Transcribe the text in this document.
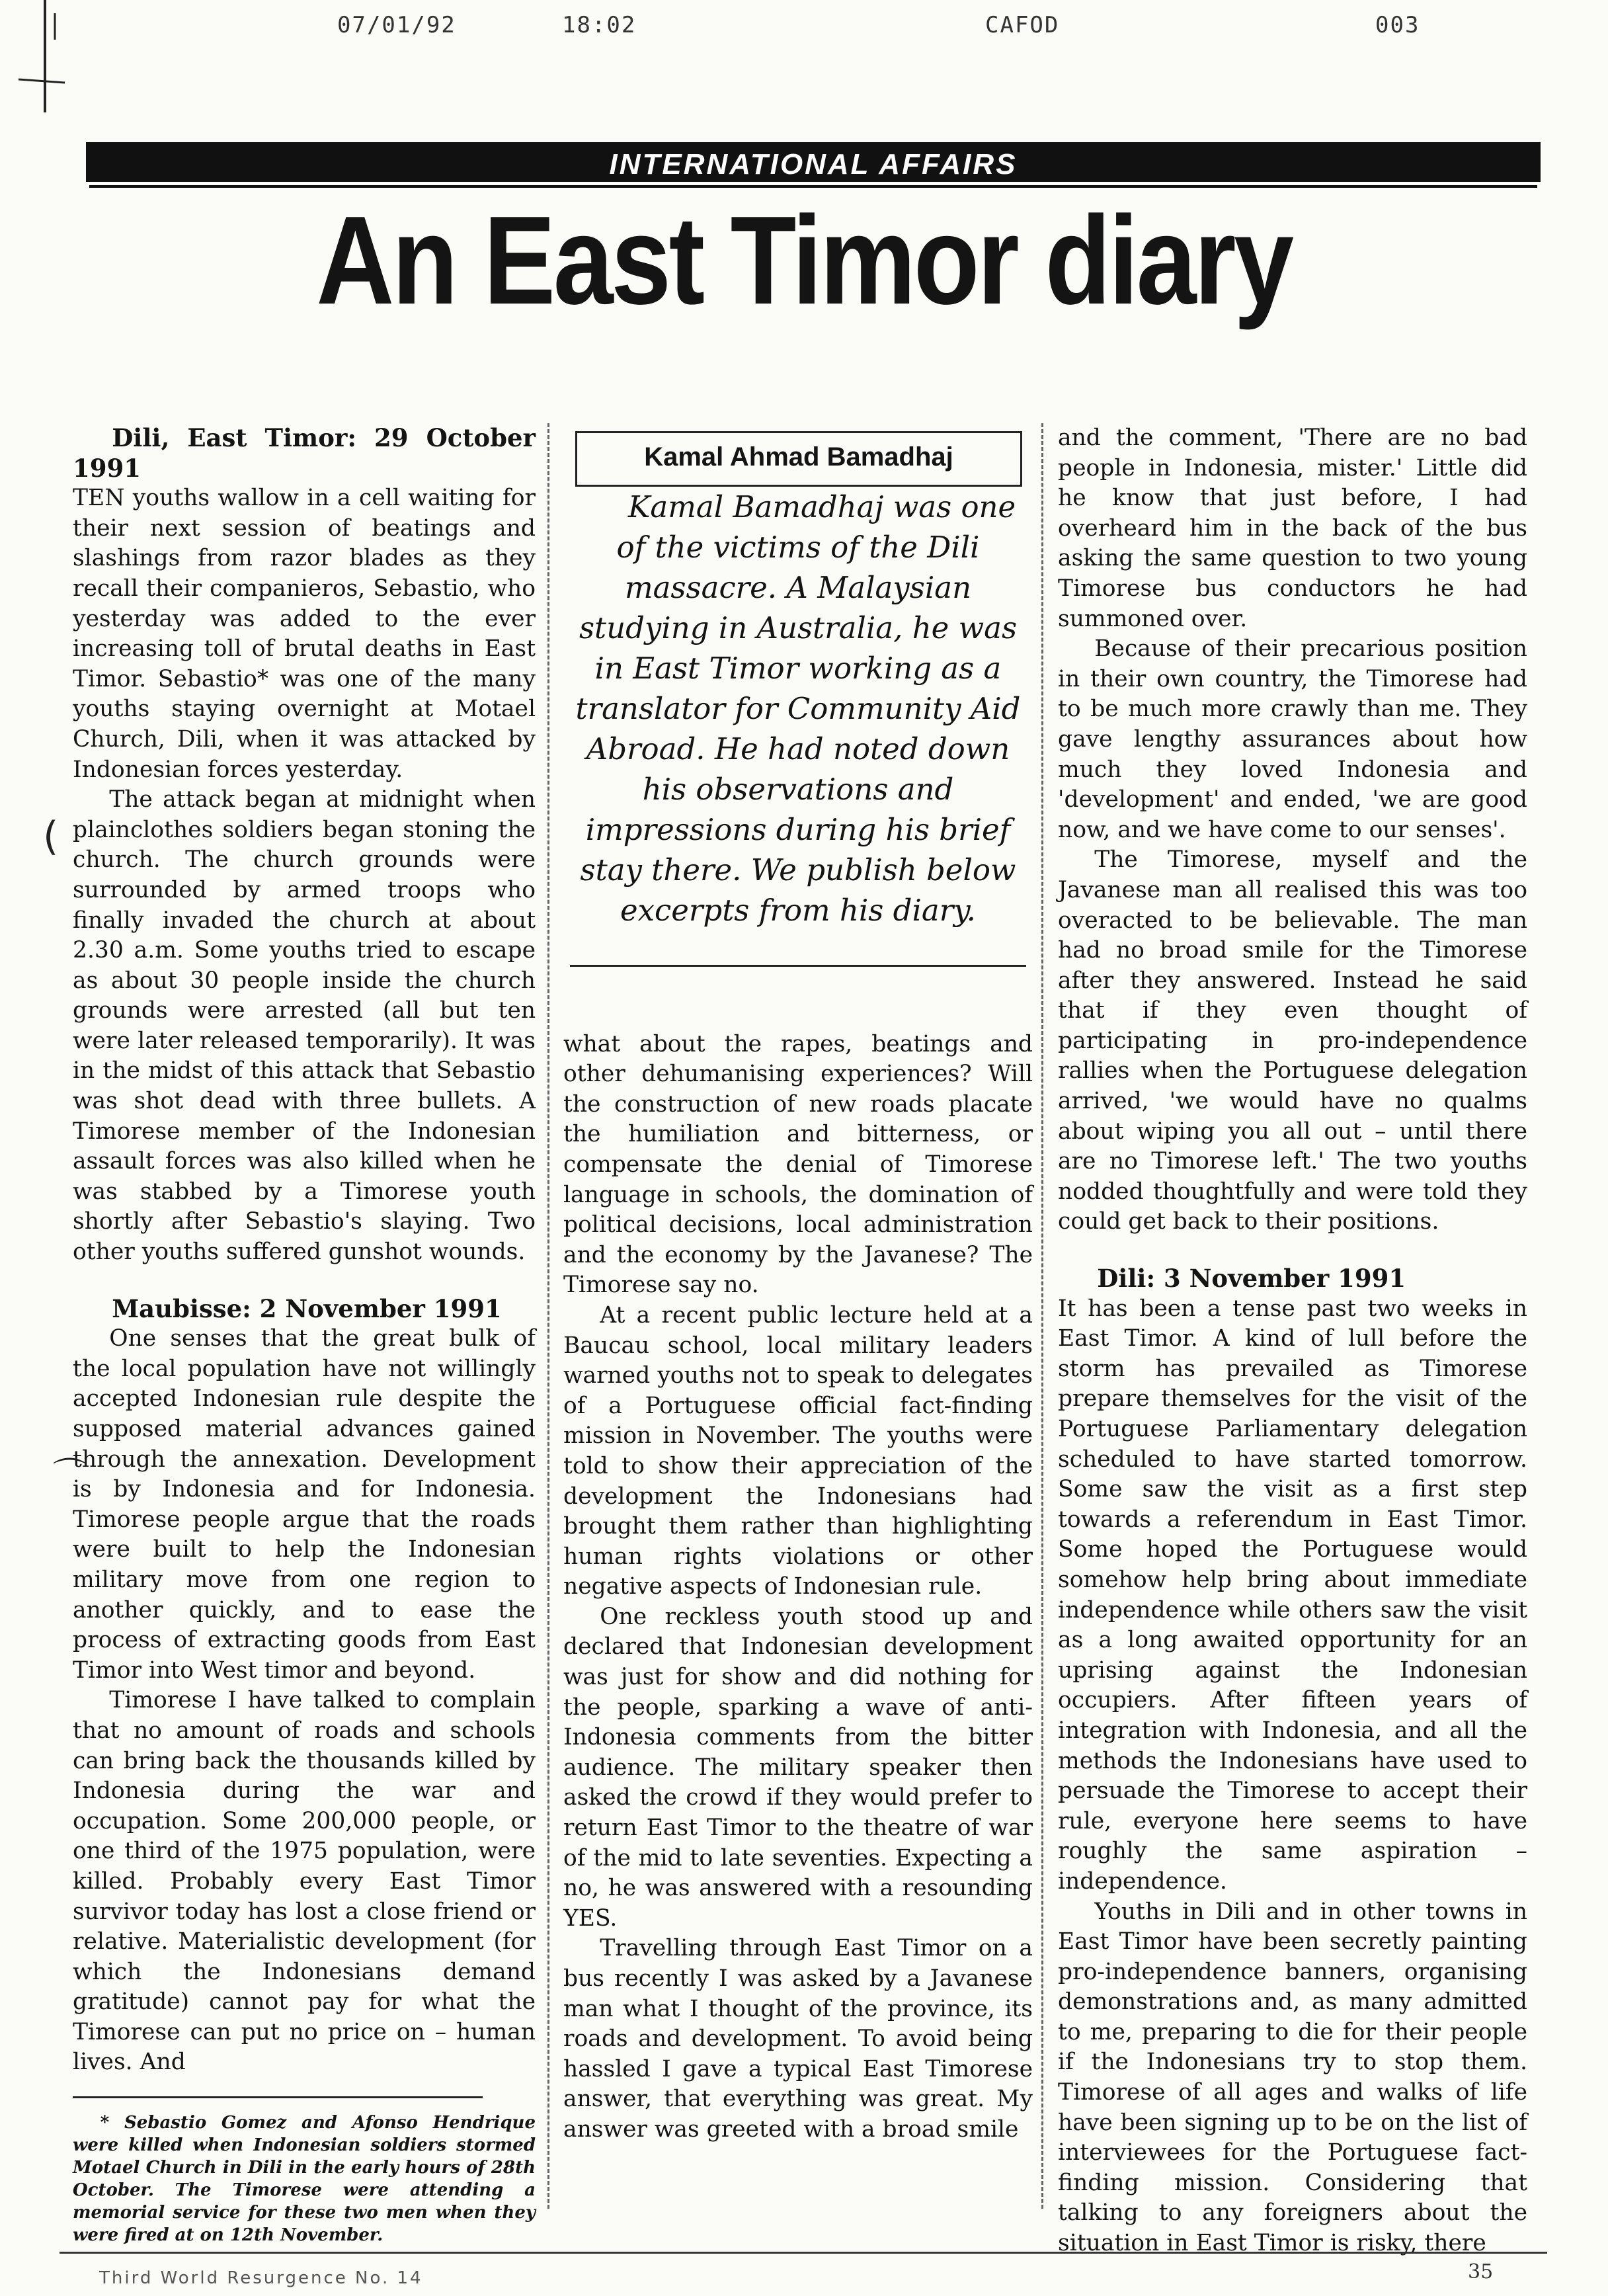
07/01/92	18:02	CAFOD	003
INTERNATIONAL AFFAIRS
An East Timor diary

Dili, East Timor: 29 October 1991

TEN youths wallow in a cell waiting for their next session of beatings and slashings from razor blades as they recall their companieros, Sebastio, who yesterday was added to the ever increasing toll of brutal deaths in East Timor. Sebastio* was one of the many youths staying overnight at Motael Church, Dili, when it was attacked by Indonesian forces yesterday.

The attack began at midnight when plainclothes soldiers began stoning the church. The church grounds were surrounded by armed troops who finally invaded the church at about 2.30 a.m. Some youths tried to escape as about 30 people inside the church grounds were arrested (all but ten were later released temporarily). It was in the midst of this attack that Sebastio was shot dead with three bullets. A Timorese member of the Indonesian assault forces was also killed when he was stabbed by a Timorese youth shortly after Sebastio's slaying. Two other youths suffered gunshot wounds.

Maubisse: 2 November 1991

One senses that the great bulk of the local population have not willingly accepted Indonesian rule despite the supposed material advances gained through the annexation. Development is by Indonesia and for Indonesia. Timorese people argue that the roads were built to help the Indonesian military move from one region to another quickly, and to ease the process of extracting goods from East Timor into West timor and beyond.

Timorese I have talked to complain that no amount of roads and schools can bring back the thousands killed by Indonesia during the war and occupation. Some 200,000 people, or one third of the 1975 population, were killed. Probably every East Timor survivor today has lost a close friend or relative. Materialistic development (for which the Indonesians demand gratitude) cannot pay for what the Timorese can put no price on – human lives. And

* Sebastio Gomez and Afonso Hendrique were killed when Indonesian soldiers stormed Motael Church in Dili in the early hours of 28th October. The Timorese were attending a memorial service for these two men when they were fired at on 12th November.

Kamal Ahmad Bamadhaj

Kamal Bamadhaj was one of the victims of the Dili massacre. A Malaysian studying in Australia, he was in East Timor working as a translator for Community Aid Abroad. He had noted down his observations and impressions during his brief stay there. We publish below excerpts from his diary.

what about the rapes, beatings and other dehumanising experiences? Will the construction of new roads placate the humiliation and bitterness, or compensate the denial of Timorese language in schools, the domination of political decisions, local administration and the economy by the Javanese? The Timorese say no.

At a recent public lecture held at a Baucau school, local military leaders warned youths not to speak to delegates of a Portuguese official fact-finding mission in November. The youths were told to show their appreciation of the development the Indonesians had brought them rather than highlighting human rights violations or other negative aspects of Indonesian rule.

One reckless youth stood up and declared that Indonesian development was just for show and did nothing for the people, sparking a wave of anti-Indonesia comments from the bitter audience. The military speaker then asked the crowd if they would prefer to return East Timor to the theatre of war of the mid to late seventies. Expecting a no, he was answered with a resounding YES.

Travelling through East Timor on a bus recently I was asked by a Javanese man what I thought of the province, its roads and development. To avoid being hassled I gave a typical East Timorese answer, that everything was great. My answer was greeted with a broad smile

and the comment, 'There are no bad people in Indonesia, mister.' Little did he know that just before, I had overheard him in the back of the bus asking the same question to two young Timorese bus conductors he had summoned over.

Because of their precarious position in their own country, the Timorese had to be much more crawly than me. They gave lengthy assurances about how much they loved Indonesia and 'development' and ended, 'we are good now, and we have come to our senses'.

The Timorese, myself and the Javanese man all realised this was too overacted to be believable. The man had no broad smile for the Timorese after they answered. Instead he said that if they even thought of participating in pro-independence rallies when the Portuguese delegation arrived, 'we would have no qualms about wiping you all out – until there are no Timorese left.' The two youths nodded thoughtfully and were told they could get back to their positions.

Dili: 3 November 1991

It has been a tense past two weeks in East Timor. A kind of lull before the storm has prevailed as Timorese prepare themselves for the visit of the Portuguese Parliamentary delegation scheduled to have started tomorrow. Some saw the visit as a first step towards a referendum in East Timor. Some hoped the Portuguese would somehow help bring about immediate independence while others saw the visit as a long awaited opportunity for an uprising against the Indonesian occupiers. After fifteen years of integration with Indonesia, and all the methods the Indonesians have used to persuade the Timorese to accept their rule, everyone here seems to have roughly the same aspiration – independence.

Youths in Dili and in other towns in East Timor have been secretly painting pro-independence banners, organising demonstrations and, as many admitted to me, preparing to die for their people if the Indonesians try to stop them. Timorese of all ages and walks of life have been signing up to be on the list of interviewees for the Portuguese fact-finding mission. Considering that talking to any foreigners about the situation in East Timor is risky, there

(
⌒
Third World Resurgence No. 14	35
